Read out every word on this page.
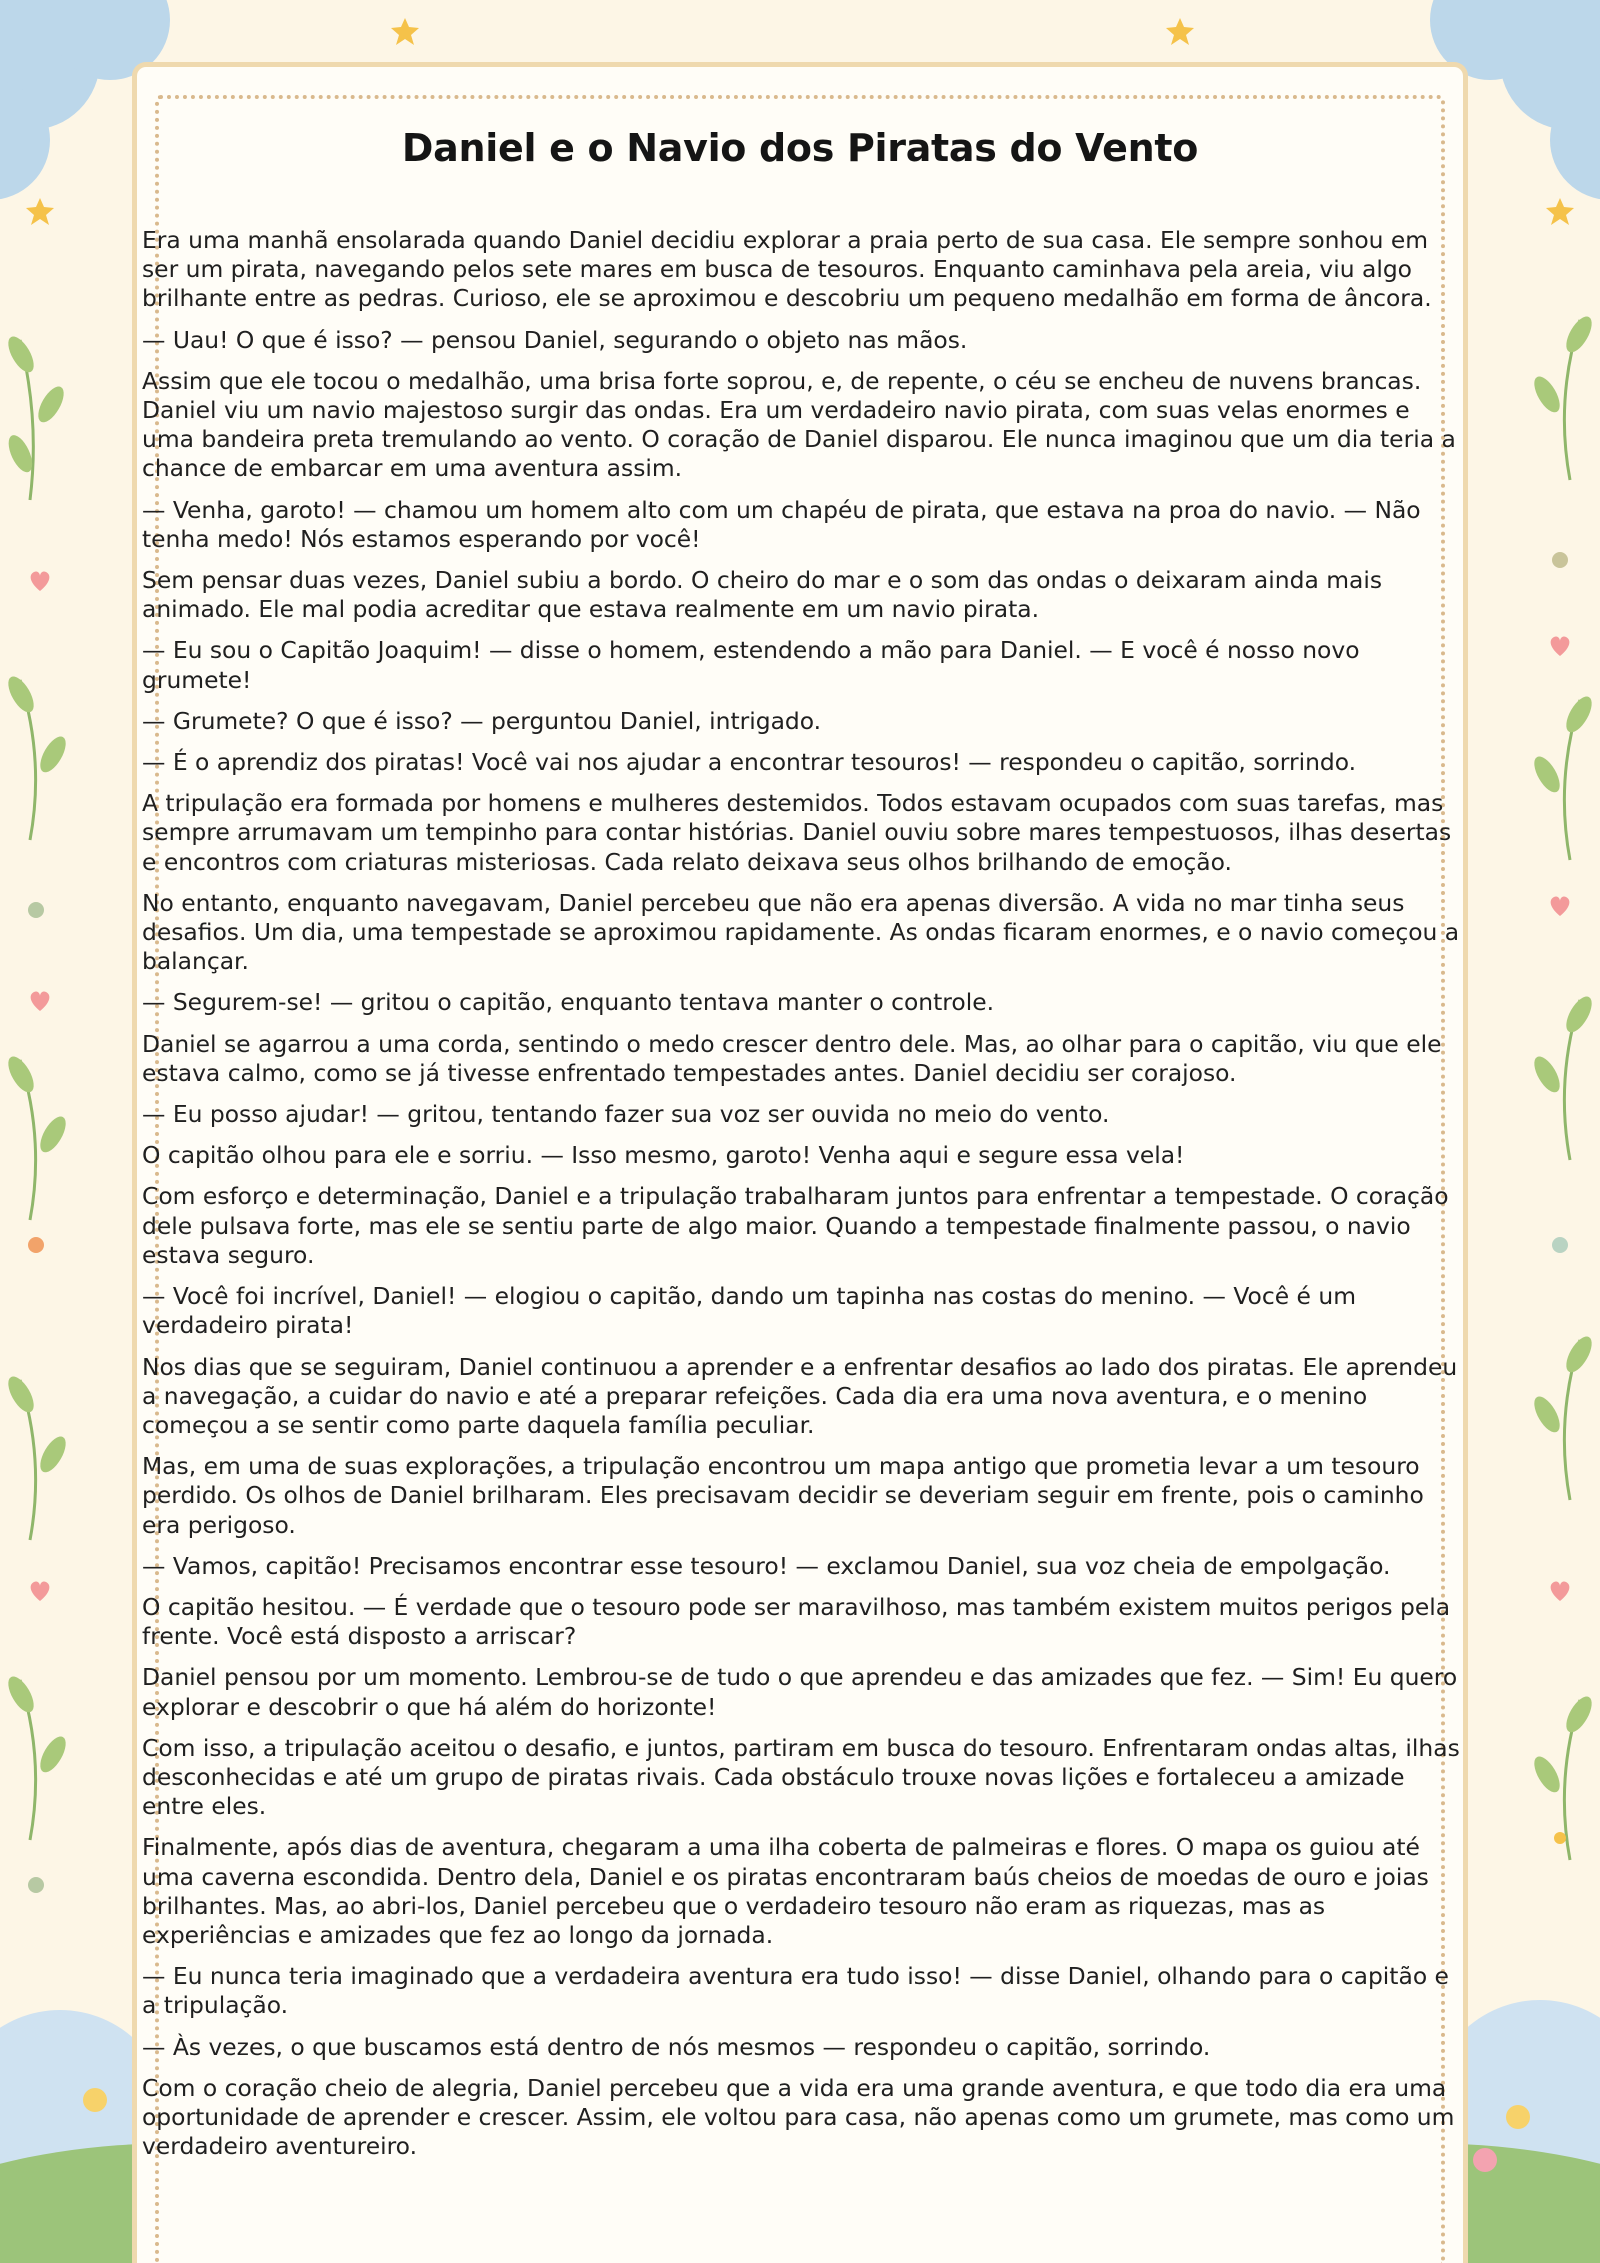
Daniel e o Navio dos Piratas do Vento

Era uma manhã ensolarada quando Daniel decidiu explorar a praia perto de sua casa. Ele sempre sonhou em ser um pirata, navegando pelos sete mares em busca de tesouros. Enquanto caminhava pela areia, viu algo brilhante entre as pedras. Curioso, ele se aproximou e descobriu um pequeno medalhão em forma de âncora.

— Uau! O que é isso? — pensou Daniel, segurando o objeto nas mãos.

Assim que ele tocou o medalhão, uma brisa forte soprou, e, de repente, o céu se encheu de nuvens brancas. Daniel viu um navio majestoso surgir das ondas. Era um verdadeiro navio pirata, com suas velas enormes e uma bandeira preta tremulando ao vento. O coração de Daniel disparou. Ele nunca imaginou que um dia teria a chance de embarcar em uma aventura assim.

— Venha, garoto! — chamou um homem alto com um chapéu de pirata, que estava na proa do navio. — Não tenha medo! Nós estamos esperando por você!

Sem pensar duas vezes, Daniel subiu a bordo. O cheiro do mar e o som das ondas o deixaram ainda mais animado. Ele mal podia acreditar que estava realmente em um navio pirata.

— Eu sou o Capitão Joaquim! — disse o homem, estendendo a mão para Daniel. — E você é nosso novo grumete!

— Grumete? O que é isso? — perguntou Daniel, intrigado.

— É o aprendiz dos piratas! Você vai nos ajudar a encontrar tesouros! — respondeu o capitão, sorrindo.

A tripulação era formada por homens e mulheres destemidos. Todos estavam ocupados com suas tarefas, mas sempre arrumavam um tempinho para contar histórias. Daniel ouviu sobre mares tempestuosos, ilhas desertas e encontros com criaturas misteriosas. Cada relato deixava seus olhos brilhando de emoção.

No entanto, enquanto navegavam, Daniel percebeu que não era apenas diversão. A vida no mar tinha seus desafios. Um dia, uma tempestade se aproximou rapidamente. As ondas ficaram enormes, e o navio começou a balançar.

— Segurem-se! — gritou o capitão, enquanto tentava manter o controle.

Daniel se agarrou a uma corda, sentindo o medo crescer dentro dele. Mas, ao olhar para o capitão, viu que ele estava calmo, como se já tivesse enfrentado tempestades antes. Daniel decidiu ser corajoso.

— Eu posso ajudar! — gritou, tentando fazer sua voz ser ouvida no meio do vento.

O capitão olhou para ele e sorriu. — Isso mesmo, garoto! Venha aqui e segure essa vela!

Com esforço e determinação, Daniel e a tripulação trabalharam juntos para enfrentar a tempestade. O coração dele pulsava forte, mas ele se sentiu parte de algo maior. Quando a tempestade finalmente passou, o navio estava seguro.

— Você foi incrível, Daniel! — elogiou o capitão, dando um tapinha nas costas do menino. — Você é um verdadeiro pirata!

Nos dias que se seguiram, Daniel continuou a aprender e a enfrentar desafios ao lado dos piratas. Ele aprendeu a navegação, a cuidar do navio e até a preparar refeições. Cada dia era uma nova aventura, e o menino começou a se sentir como parte daquela família peculiar.

Mas, em uma de suas explorações, a tripulação encontrou um mapa antigo que prometia levar a um tesouro perdido. Os olhos de Daniel brilharam. Eles precisavam decidir se deveriam seguir em frente, pois o caminho era perigoso.

— Vamos, capitão! Precisamos encontrar esse tesouro! — exclamou Daniel, sua voz cheia de empolgação.

O capitão hesitou. — É verdade que o tesouro pode ser maravilhoso, mas também existem muitos perigos pela frente. Você está disposto a arriscar?

Daniel pensou por um momento. Lembrou-se de tudo o que aprendeu e das amizades que fez. — Sim! Eu quero explorar e descobrir o que há além do horizonte!

Com isso, a tripulação aceitou o desafio, e juntos, partiram em busca do tesouro. Enfrentaram ondas altas, ilhas desconhecidas e até um grupo de piratas rivais. Cada obstáculo trouxe novas lições e fortaleceu a amizade entre eles.

Finalmente, após dias de aventura, chegaram a uma ilha coberta de palmeiras e flores. O mapa os guiou até uma caverna escondida. Dentro dela, Daniel e os piratas encontraram baús cheios de moedas de ouro e joias brilhantes. Mas, ao abri-los, Daniel percebeu que o verdadeiro tesouro não eram as riquezas, mas as experiências e amizades que fez ao longo da jornada.

— Eu nunca teria imaginado que a verdadeira aventura era tudo isso! — disse Daniel, olhando para o capitão e a tripulação.

— Às vezes, o que buscamos está dentro de nós mesmos — respondeu o capitão, sorrindo.

Com o coração cheio de alegria, Daniel percebeu que a vida era uma grande aventura, e que todo dia era uma oportunidade de aprender e crescer. Assim, ele voltou para casa, não apenas como um grumete, mas como um verdadeiro aventureiro.
